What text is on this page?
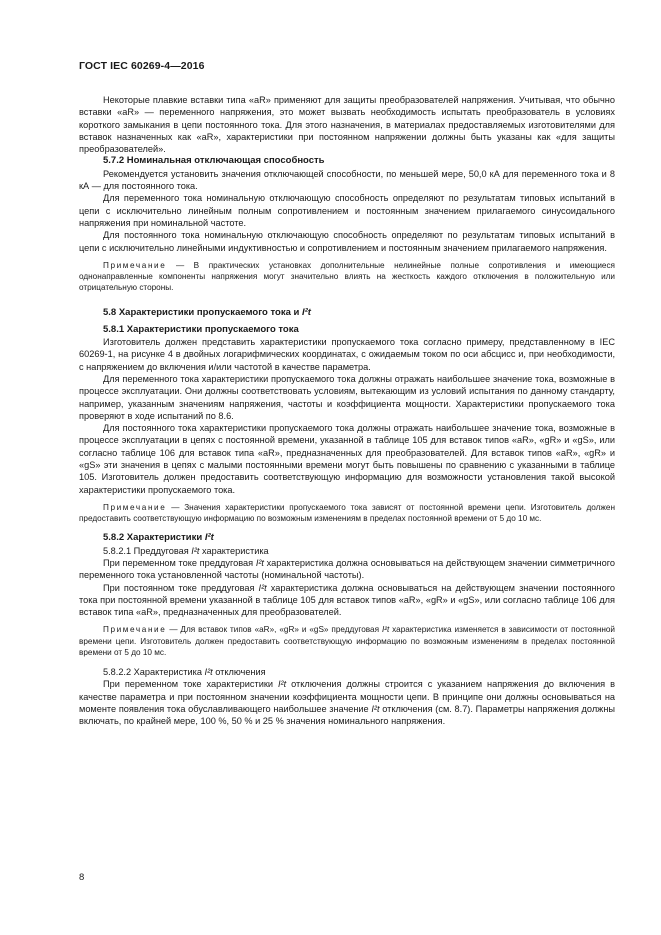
ГОСТ IEC 60269-4—2016

Некоторые плавкие вставки типа «aR» применяют для защиты преобразователей напряжения. Учитывая, что обычно вставки «aR» — переменного напряжения, это может вызвать необходимость испытать преобразователь в условиях короткого замыкания в цепи постоянного тока. Для этого назначения, в материалах предоставляемых изготовителями для вставок назначенных как «aR», характеристики при постоянном напряжении должны быть указаны как «для защиты преобразователей».

5.7.2 Номинальная отключающая способность

Рекомендуется установить значения отключающей способности, по меньшей мере, 50,0 кА для переменного тока и 8 кА — для постоянного тока.

Для переменного тока номинальную отключающую способность определяют по результатам типовых испытаний в цепи с исключительно линейным полным сопротивлением и постоянным значением прилагаемого синусоидального напряжения при номинальной частоте.

Для постоянного тока номинальную отключающую способность определяют по результатам типовых испытаний в цепи с исключительно линейными индуктивностью и сопротивлением и постоянным значением прилагаемого напряжения.

Примечание — В практических установках дополнительные нелинейные полные сопротивления и имеющиеся однонаправленные компоненты напряжения могут значительно влиять на жесткость каждого отключения в положительную или отрицательную стороны.

5.8 Характеристики пропускаемого тока и I²t
5.8.1 Характеристики пропускаемого тока

Изготовитель должен представить характеристики пропускаемого тока согласно примеру, представленному в IEC 60269-1, на рисунке 4 в двойных логарифмических координатах, с ожидаемым током по оси абсцисс и, при необходимости, с напряжением до включения и/или частотой в качестве параметра.

Для переменного тока характеристики пропускаемого тока должны отражать наибольшее значение тока, возможные в процессе эксплуатации. Они должны соответствовать условиям, вытекающим из условий испытания по данному стандарту, например, указанным значениям напряжения, частоты и коэффициента мощности. Характеристики пропускаемого тока проверяют в ходе испытаний по 8.6.

Для постоянного тока характеристики пропускаемого тока должны отражать наибольшее значение тока, возможные в процессе эксплуатации в цепях с постоянной времени, указанной в таблице 105 для вставок типов «aR», «gR» и «gS», или согласно таблице 106 для вставок типа «aR», предназначенных для преобразователей. Для вставок типов «aR», «gR» и «gS» эти значения в цепях с малыми постоянными времени могут быть повышены по сравнению с указанными в таблице 105. Изготовитель должен предоставить соответствующую информацию для возможности установления такой высокой характеристики пропускаемого тока.

Примечание — Значения характеристики пропускаемого тока зависят от постоянной времени цепи. Изготовитель должен предоставить соответствующую информацию по возможным изменениям в пределах постоянной времени от 5 до 10 мс.

5.8.2 Характеристики I²t
5.8.2.1 Преддуговая I²t характеристика

При переменном токе преддуговая I²t характеристика должна основываться на действующем значении симметричного переменного тока установленной частоты (номинальной частоты).

При постоянном токе преддуговая I²t характеристика должна основываться на действующем значении постоянного тока при постоянной времени указанной в таблице 105 для вставок типов «aR», «gR» и «gS», или согласно таблице 106 для вставок типа «aR», предназначенных для преобразователей.

Примечание — Для вставок типов «aR», «gR» и «gS» преддуговая I²t характеристика изменяется в зависимости от постоянной времени цепи. Изготовитель должен предоставить соответствующую информацию по возможным изменениям в пределах постоянной времени от 5 до 10 мс.

5.8.2.2 Характеристика I²t отключения

При переменном токе характеристики I²t отключения должны строится с указанием напряжения до включения в качестве параметра и при постоянном значении коэффициента мощности цепи. В принципе они должны основываться на моменте появления тока обуславливающего наибольшее значение I²t отключения (см. 8.7). Параметры напряжения должны включать, по крайней мере, 100 %, 50 % и 25 % значения номинального напряжения.

8
